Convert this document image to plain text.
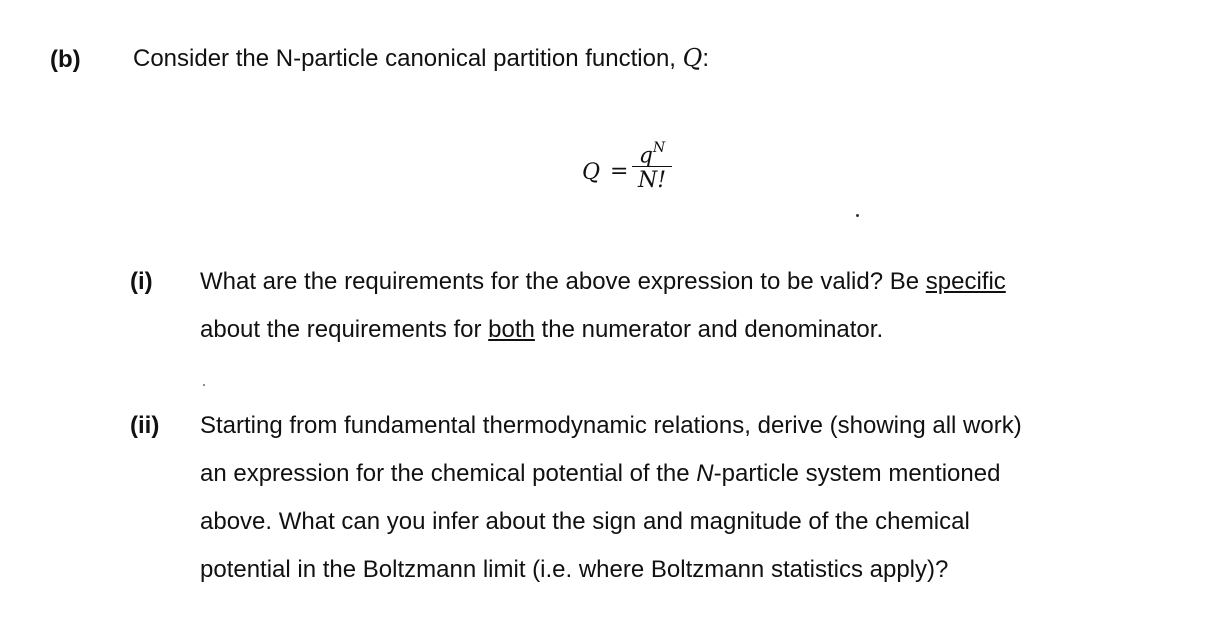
(b) Consider the N-particle canonical partition function, Q:
Q =
$q^N$
N!
(i) What are the requirements for the above expression to be valid? Be specific
about the requirements for both the numerator and denominator.
(ii) Starting from fundamental thermodynamic relations, derive (showing all work)
an expression for the chemical potential of the N-particle system mentioned
above. What can you infer about the sign and magnitude of the chemical
potential in the Boltzmann limit (i.e. where Boltzmann statistics apply)?
